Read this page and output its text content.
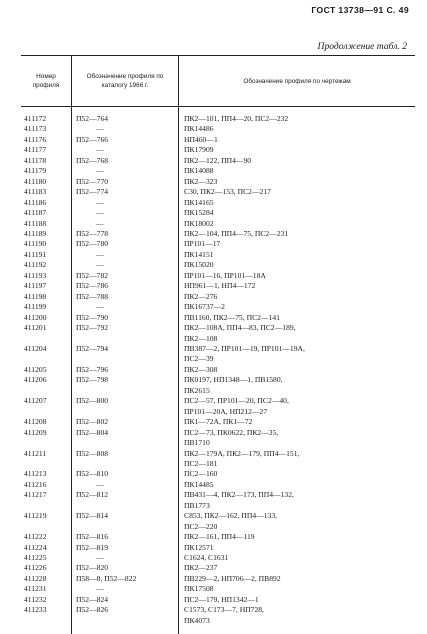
ГОСТ 13738—91 С. 49
Продолжение табл. 2
Номер профиля
Обозначение профиля по каталогу 1966 г.
Обозначение профиля по чертежам
411172	П52—764	ПК2—101, ПП4—20, ПС2—232
411173	—	ПК14486
411176	П52—766	НП460—1
411177	—	ПК17909
411178	П52—768	ПК2—122, ПП4—90
411179	—	ПК14088
411180	П52—770	ПК2—323
411183	П52—774	С30, ПК2—153, ПС2—217
411186	—	ПК14165
411187	—	ПК15284
411188	—	ПК18002
411189	П52—778	ПК2—104, ПП4—75, ПС2—231
411190	П52—780	ПР101—17
411191	—	ПК14151
411192	—	ПК15020
411193	П52—782	ПР101—16, ПР101—18А
411197	П52—786	НП961—1, НП4—172
411198	П52—788	ПК2—276
411199	—	ПК16737—2
411200	П52—790	ПВ1160, ПК2—75, ПС2—141
411201	П52—792	ПК2—108А, ПП4—83, ПС2—189,
ПК2—108
411204	П52—794	ПВ387—2, ПР101—19, ПР101—19А,
ПС2—39
411205	П52—796	ПК2—308
411206	П52—798	ПК0197, НП1348—1, ПВ1580,
ПК2615
411207	П52—800	ПС2—57, ПР101—20, ПС2—40,
ПР101—20А, НП212—27
411208	П52—802	ПК1—72А, ПК1—72
411209	П52—804	ПС2—73, ПК0622, ПК2—35,
ПВ1710
411211	П52—808	ПК2—179А, ПК2—179, ПП4—151,
ПС2—181
411213	П52—810	ПС2—160
411216	—	ПК14485
411217	П52—812	ПВ431—4, ПК2—173, ПП4—132,
ПВ1773
411219	П52—814	С853, ПК2—162, ПП4—133,
ПС2—220
411222	П52—816	ПК2—161, ПП4—119
411224	П52—819	ПК12571
411225	—	С1624, С1631
411226	П52—820	ПК2—237
411228	П58—8, П52—822	ПВ229—2, НП706—2, ПВ892
411231	—	ПК17508
411232	П52—824	ПС2—179, НП1342—1
411233	П52—826	С1573, С173—7, НП728,
ПК4073
